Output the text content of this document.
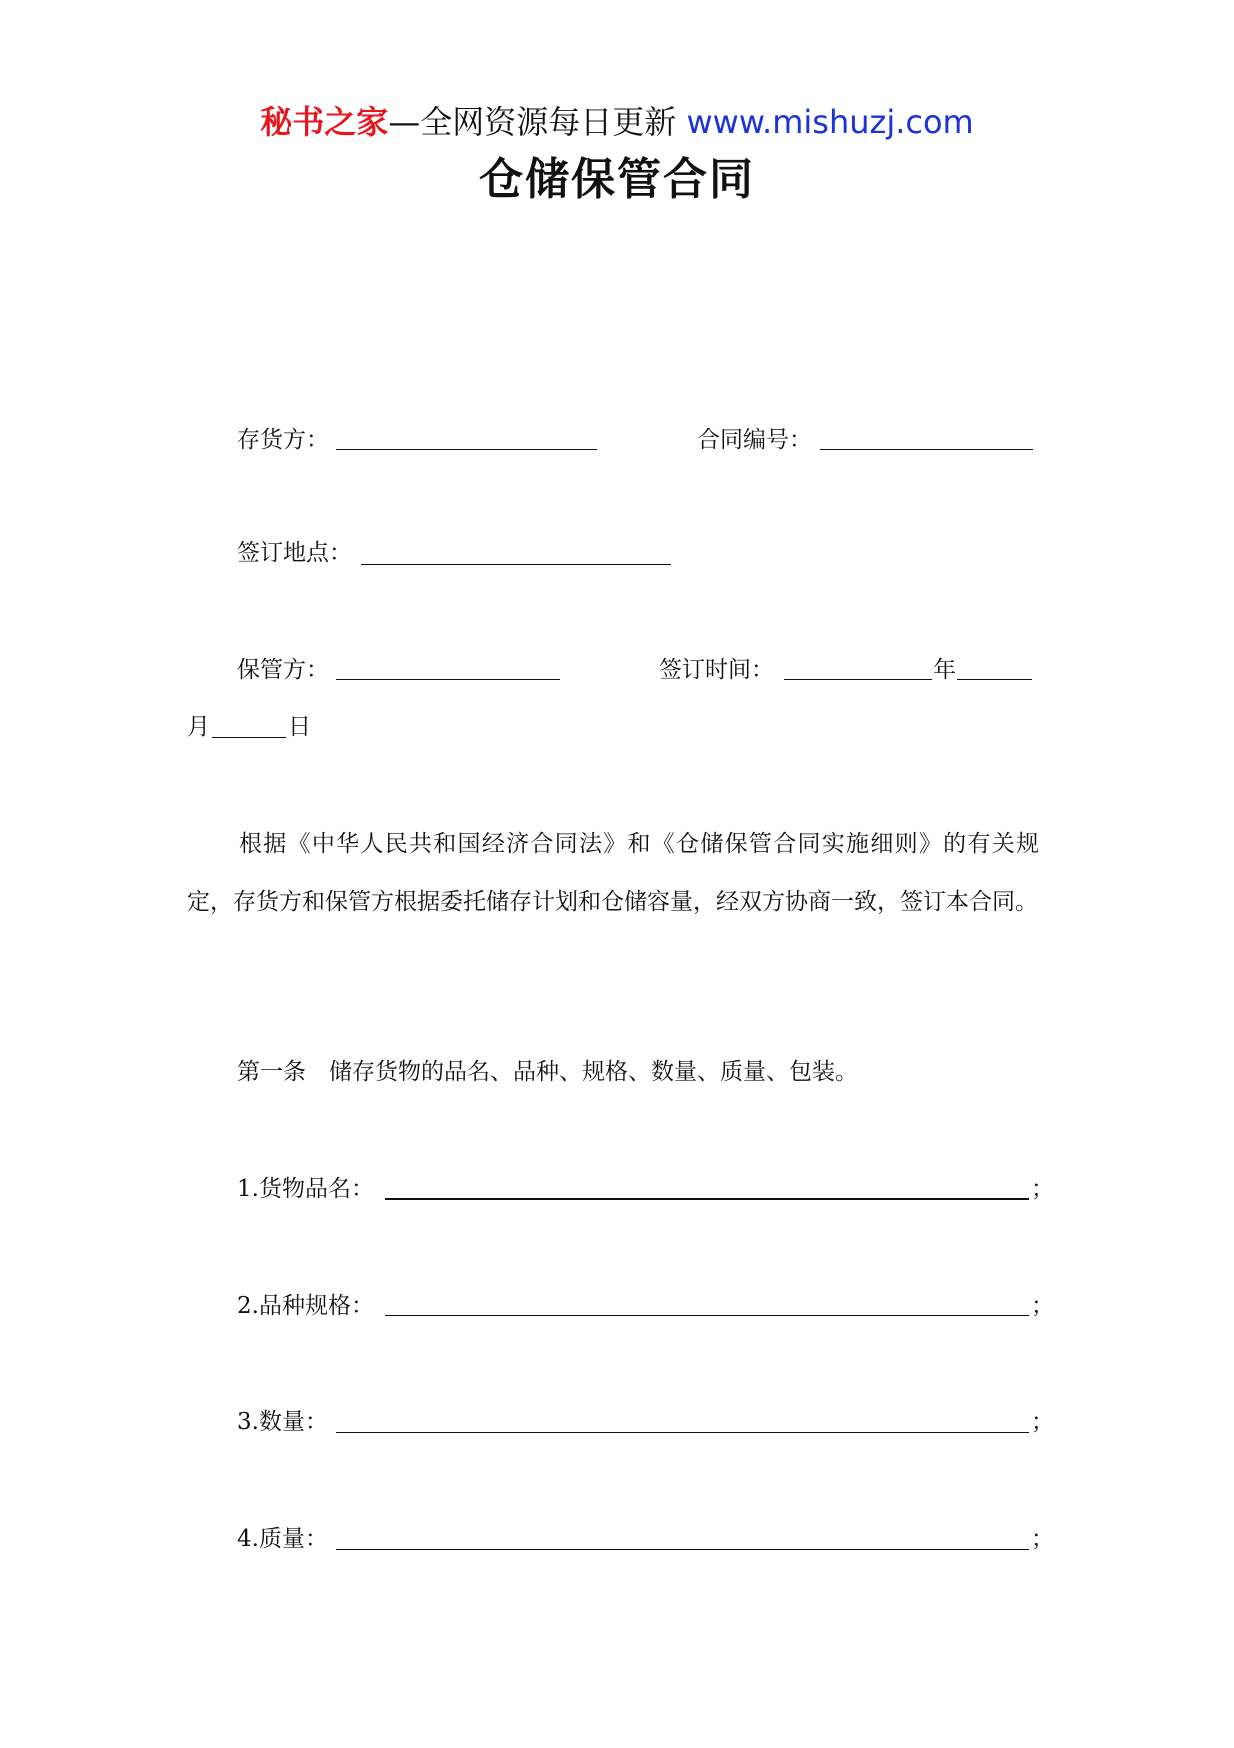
秘书之家—全网资源每日更新 www.mishuzj.com
仓储保管合同
存货方：	合同编号：
签订地点：
保管方：	签订时间：	年
月	日
根据《中华人民共和国经济合同法》和《仓储保管合同实施细则》的有关规定，存货方和保管方根据委托储存计划和仓储容量，经双方协商一致，签订本合同。
第一条　储存货物的品名、品种、规格、数量、质量、包装。
1.货物品名：	；
2.品种规格：	；
3.数量：	；
4.质量：	；
